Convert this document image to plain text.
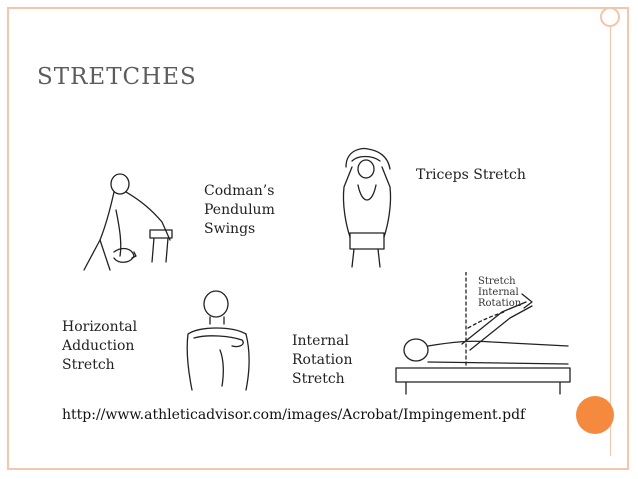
STRETCHES
Codman’s
Pendulum
Swings
Triceps Stretch
Horizontal
Adduction
Stretch
Stretch
Internal
Rotation
Internal
Rotation
Stretch
http://www.athleticadvisor.com/images/Acrobat/Impingement.pdf
